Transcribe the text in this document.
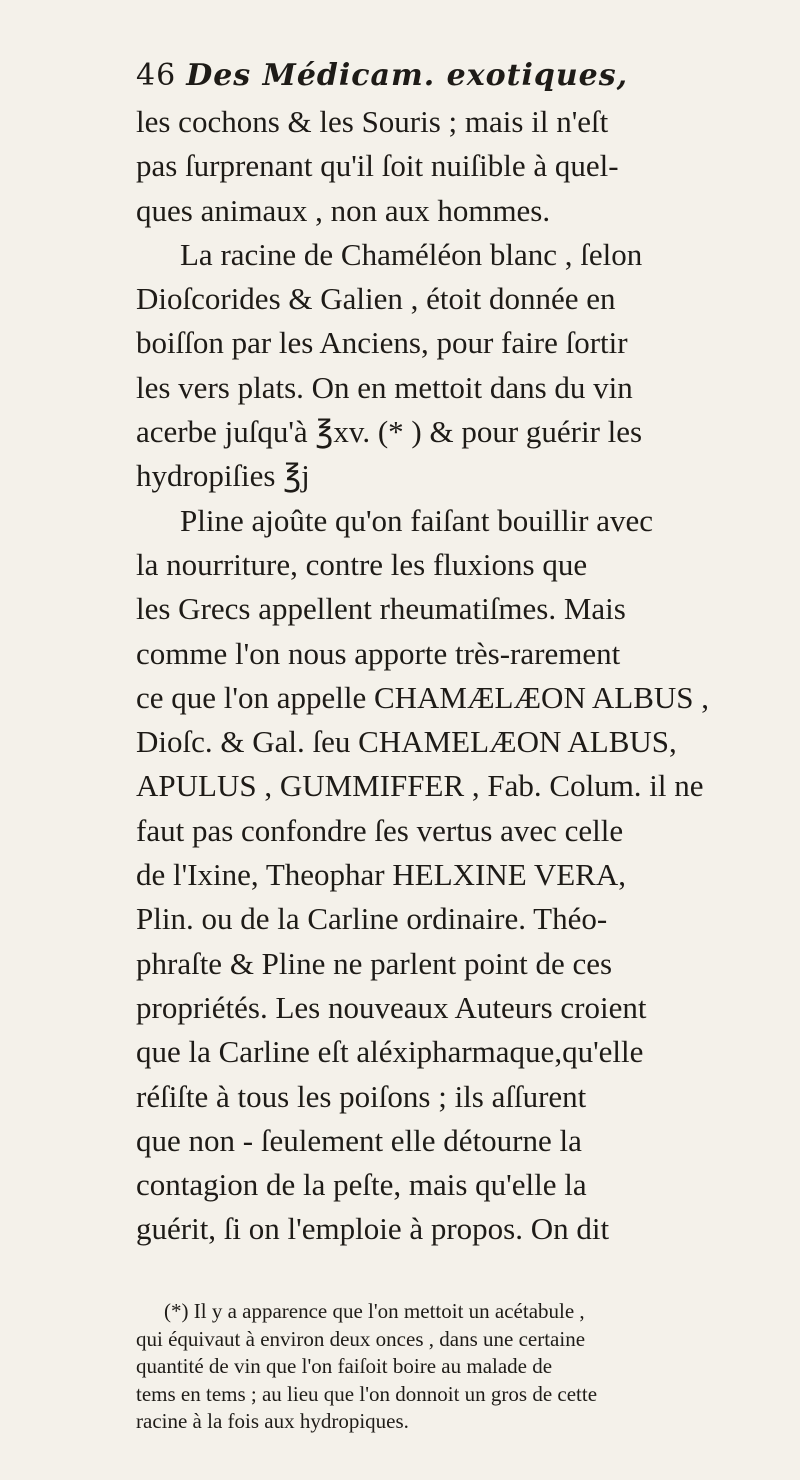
46 Des Médicam. exotiques,
les cochons & les Souris ; mais il n'eſt
pas ſurprenant qu'il ſoit nuiſible à quel-
ques animaux , non aux hommes.
La racine de Chaméléon blanc , ſelon
Dioſcorides & Galien , étoit donnée en
boiſſon par les Anciens, pour faire ſortir
les vers plats. On en mettoit dans du vin
acerbe juſqu'à ℥xv. (* ) & pour guérir les
hydropiſies ℥j
Pline ajoûte qu'on faiſant bouillir avec
la nourriture, contre les fluxions que
les Grecs appellent rheumatiſmes. Mais
comme l'on nous apporte très-rarement
ce que l'on appelle CHAMÆLÆON ALBUS ,
Dioſc. & Gal. ſeu CHAMELÆON ALBUS,
APULUS , GUMMIFFER , Fab. Colum. il ne
faut pas confondre ſes vertus avec celle
de l'Ixine, Theophar HELXINE VERA,
Plin. ou de la Carline ordinaire. Théo-
phraſte & Pline ne parlent point de ces
propriétés. Les nouveaux Auteurs croient
que la Carline eſt aléxipharmaque,qu'elle
réſiſte à tous les poiſons ; ils aſſurent
que non - ſeulement elle détourne la
contagion de la peſte, mais qu'elle la
guérit, ſi on l'emploie à propos. On dit
(*) Il y a apparence que l'on mettoit un acétabule ,
qui équivaut à environ deux onces , dans une certaine
quantité de vin que l'on faiſoit boire au malade de
tems en tems ; au lieu que l'on donnoit un gros de cette
racine à la fois aux hydropiques.
